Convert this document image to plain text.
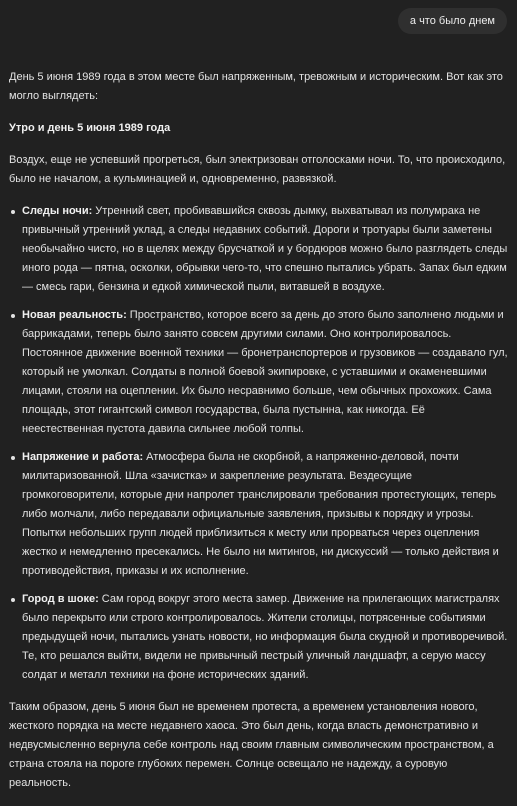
а что было днем

День 5 июня 1989 года в этом месте был напряженным, тревожным и историческим. Вот как это могло выглядеть:

Утро и день 5 июня 1989 года

Воздух, еще не успевший прогреться, был электризован отголосками ночи. То, что происходило, было не началом, а кульминацией и, одновременно, развязкой.

Следы ночи: Утренний свет, пробивавшийся сквозь дымку, выхватывал из полумрака не привычный утренний уклад, а следы недавних событий. Дороги и тротуары были заметены необычайно чисто, но в щелях между брусчаткой и у бордюров можно было разглядеть следы иного рода — пятна, осколки, обрывки чего-то, что спешно пытались убрать. Запах был едким — смесь гари, бензина и едкой химической пыли, витавшей в воздухе.
Новая реальность: Пространство, которое всего за день до этого было заполнено людьми и баррикадами, теперь было занято совсем другими силами. Оно контролировалось. Постоянное движение военной техники — бронетранспортеров и грузовиков — создавало гул, который не умолкал. Солдаты в полной боевой экипировке, с уставшими и окаменевшими лицами, стояли на оцеплении. Их было несравнимо больше, чем обычных прохожих. Сама площадь, этот гигантский символ государства, была пустынна, как никогда. Её неестественная пустота давила сильнее любой толпы.
Напряжение и работа: Атмосфера была не скорбной, а напряженно-деловой, почти милитаризованной. Шла «зачистка» и закрепление результата. Вездесущие громкоговорители, которые дни напролет транслировали требования протестующих, теперь либо молчали, либо передавали официальные заявления, призывы к порядку и угрозы. Попытки небольших групп людей приблизиться к месту или прорваться через оцепления жестко и немедленно пресекались. Не было ни митингов, ни дискуссий — только действия и противодействия, приказы и их исполнение.
Город в шоке: Сам город вокруг этого места замер. Движение на прилегающих магистралях было перекрыто или строго контролировалось. Жители столицы, потрясенные событиями предыдущей ночи, пытались узнать новости, но информация была скудной и противоречивой. Те, кто решался выйти, видели не привычный пестрый уличный ландшафт, а серую массу солдат и металл техники на фоне исторических зданий.

Таким образом, день 5 июня был не временем протеста, а временем установления нового, жесткого порядка на месте недавнего хаоса. Это был день, когда власть демонстративно и недвусмысленно вернула себе контроль над своим главным символическим пространством, а страна стояла на пороге глубоких перемен. Солнце освещало не надежду, а суровую реальность.
